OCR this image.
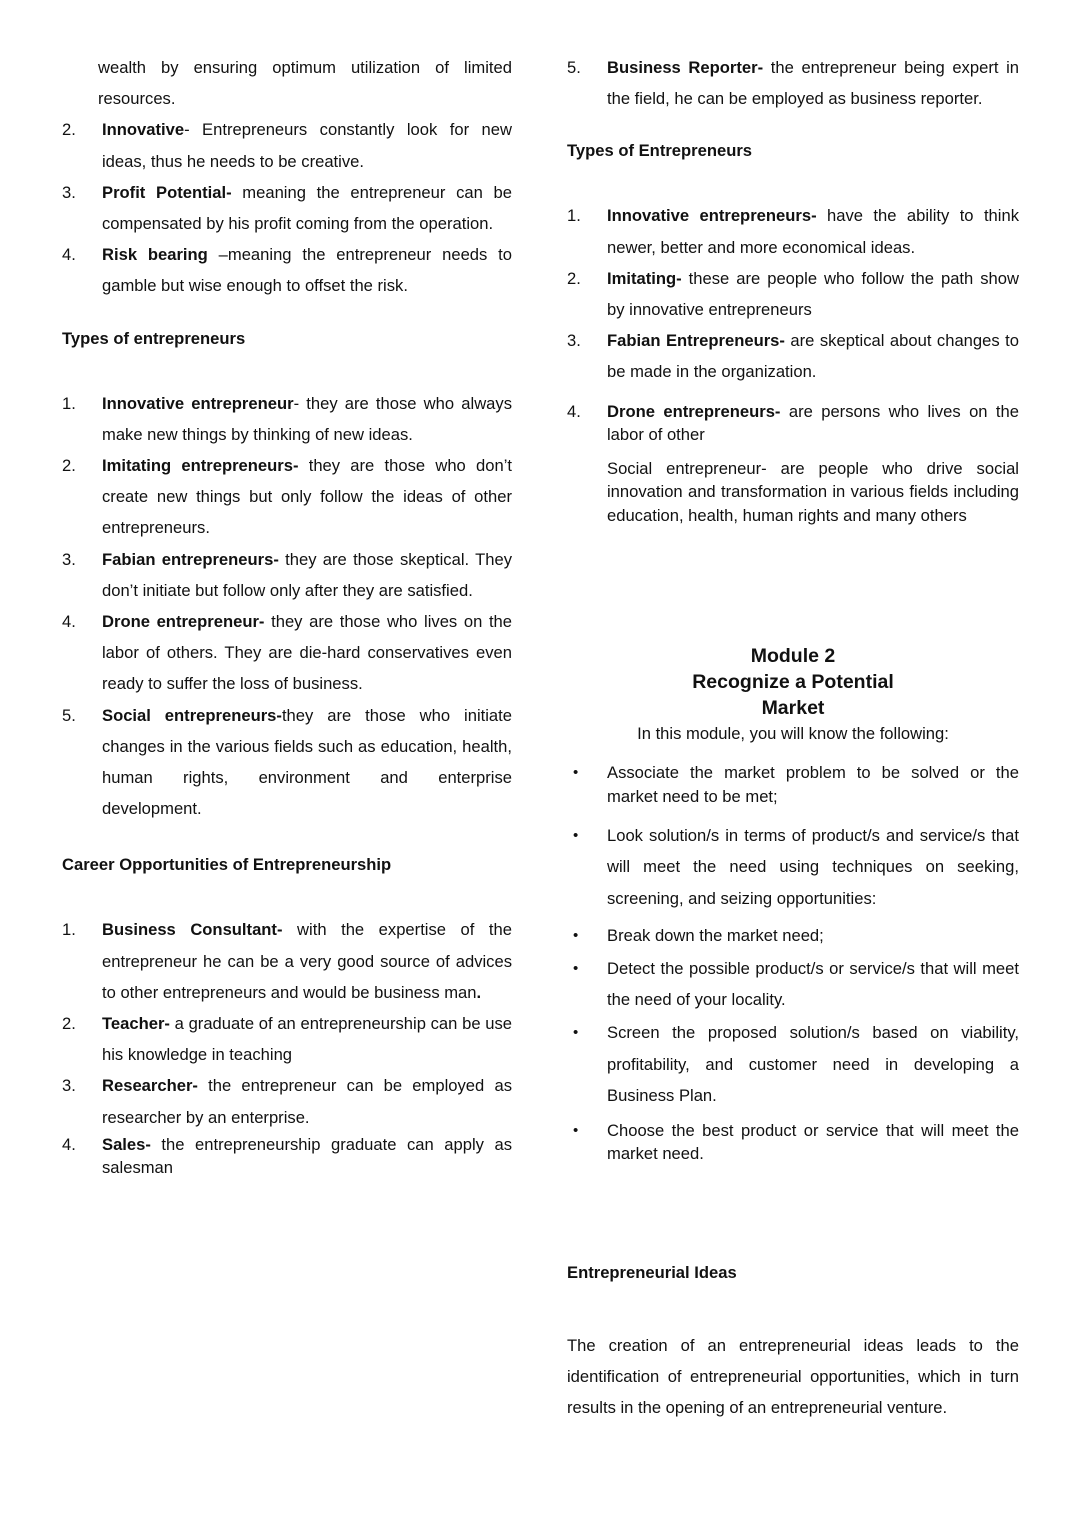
wealth by ensuring optimum utilization of limited resources.

2.	Innovative- Entrepreneurs constantly look for new ideas, thus he needs to be creative.
3.	Profit Potential- meaning the entrepreneur can be compensated by his profit coming from the operation.
4.	Risk bearing –meaning the entrepreneur needs to gamble but wise enough to offset the risk.
Types of entrepreneurs
1.	Innovative entrepreneur- they are those who always make new things by thinking of new ideas.
2.	Imitating entrepreneurs- they are those who don’t create new things but only follow the ideas of other entrepreneurs.
3.	Fabian entrepreneurs- they are those skeptical. They don’t initiate but follow only after they are satisfied.
4.	Drone entrepreneur- they are those who lives on the labor of others. They are die-hard conservatives even ready to suffer the loss of business.
5.	Social entrepreneurs-they are those who initiate changes in the various fields such as education, health, human rights, environment and enterprise development.
Career Opportunities of Entrepreneurship
1.	Business Consultant- with the expertise of the entrepreneur he can be a very good source of advices to other entrepreneurs and would be business man.
2.	Teacher- a graduate of an entrepreneurship can be use his knowledge in teaching
3.	Researcher- the entrepreneur can be employed as researcher by an enterprise.
4.	Sales- the entrepreneurship graduate can apply as salesman
5.	Business Reporter- the entrepreneur being expert in the field, he can be employed as business reporter.
Types of Entrepreneurs
1.	Innovative entrepreneurs- have the ability to think newer, better and more economical ideas.
2.	Imitating- these are people who follow the path show by innovative entrepreneurs
3.	Fabian Entrepreneurs- are skeptical about changes to be made in the organization.
4.	Drone entrepreneurs- are persons who lives on the labor of other

Social entrepreneur- are people who drive social innovation and transformation in various fields including education, health, human rights and many others

Module 2
Recognize a Potential
Market

In this module, you will know the following:

•	Associate the market problem to be solved or the market need to be met;
•	Look solution/s in terms of product/s and service/s that will meet the need using techniques on seeking, screening, and seizing opportunities:
•	Break down the market need;
•	Detect the possible product/s or service/s that will meet the need of your locality.
•	Screen the proposed solution/s based on viability, profitability, and customer need in developing a Business Plan.
•	Choose the best product or service that will meet the market need.
Entrepreneurial Ideas

The creation of an entrepreneurial ideas leads to the identification of entrepreneurial opportunities, which in turn results in the opening of an entrepreneurial venture.
